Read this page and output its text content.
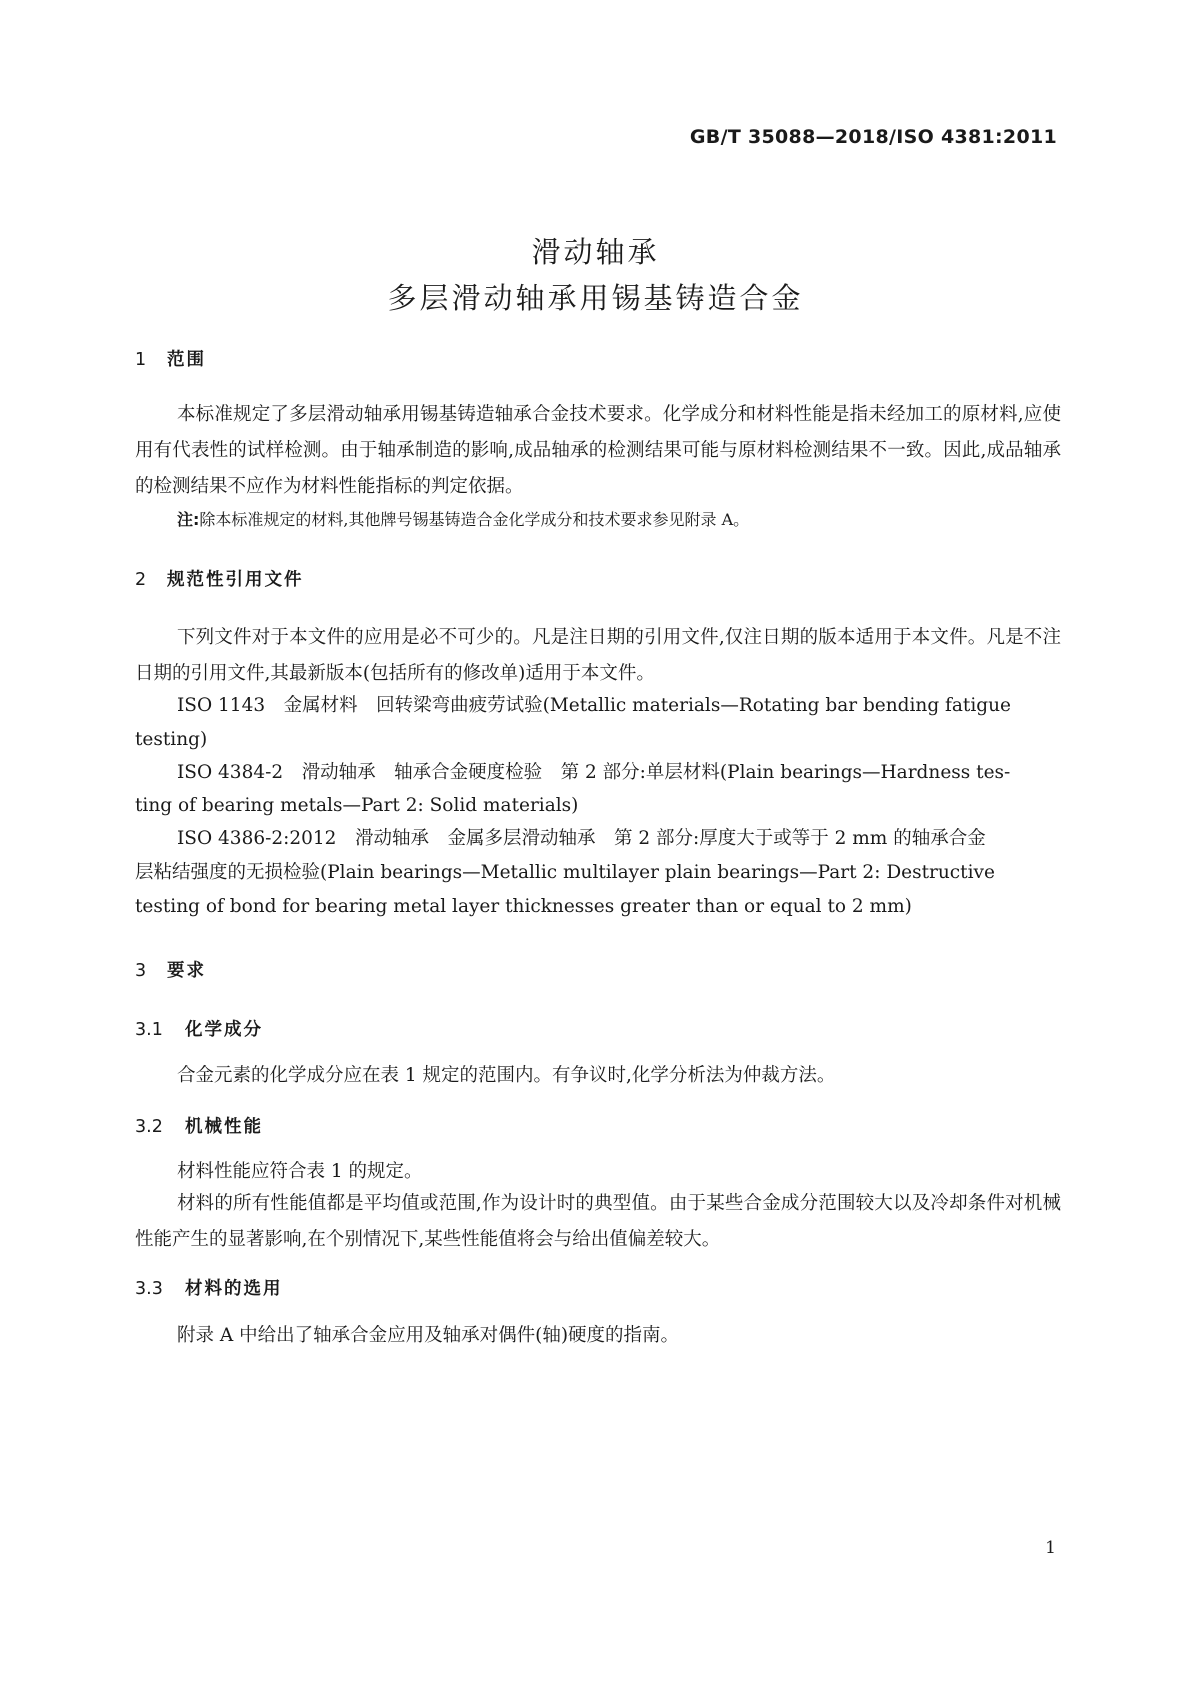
GB/T 35088—2018/ISO 4381:2011
滑动轴承
多层滑动轴承用锡基铸造合金
1 范围
本标准规定了多层滑动轴承用锡基铸造轴承合金技术要求。化学成分和材料性能是指未经加工的原材料,应使用有代表性的试样检测。由于轴承制造的影响,成品轴承的检测结果可能与原材料检测结果不一致。因此,成品轴承的检测结果不应作为材料性能指标的判定依据。
注:除本标准规定的材料,其他牌号锡基铸造合金化学成分和技术要求参见附录 A。
2 规范性引用文件
下列文件对于本文件的应用是必不可少的。凡是注日期的引用文件,仅注日期的版本适用于本文件。凡是不注日期的引用文件,其最新版本(包括所有的修改单)适用于本文件。
ISO 1143　金属材料　回转梁弯曲疲劳试验(Metallic materials—Rotating bar bending fatigue
testing)
ISO 4384-2　滑动轴承　轴承合金硬度检验　第 2 部分:单层材料(Plain bearings—Hardness tes-
ting of bearing metals—Part 2: Solid materials)
ISO 4386-2:2012　滑动轴承　金属多层滑动轴承　第 2 部分:厚度大于或等于 2 mm 的轴承合金
层粘结强度的无损检验(Plain bearings—Metallic multilayer plain bearings—Part 2: Destructive
testing of bond for bearing metal layer thicknesses greater than or equal to 2 mm)
3 要求
3.1 化学成分
合金元素的化学成分应在表 1 规定的范围内。有争议时,化学分析法为仲裁方法。
3.2 机械性能
材料性能应符合表 1 的规定。
材料的所有性能值都是平均值或范围,作为设计时的典型值。由于某些合金成分范围较大以及冷却条件对机械性能产生的显著影响,在个别情况下,某些性能值将会与给出值偏差较大。
3.3 材料的选用
附录 A 中给出了轴承合金应用及轴承对偶件(轴)硬度的指南。
1
